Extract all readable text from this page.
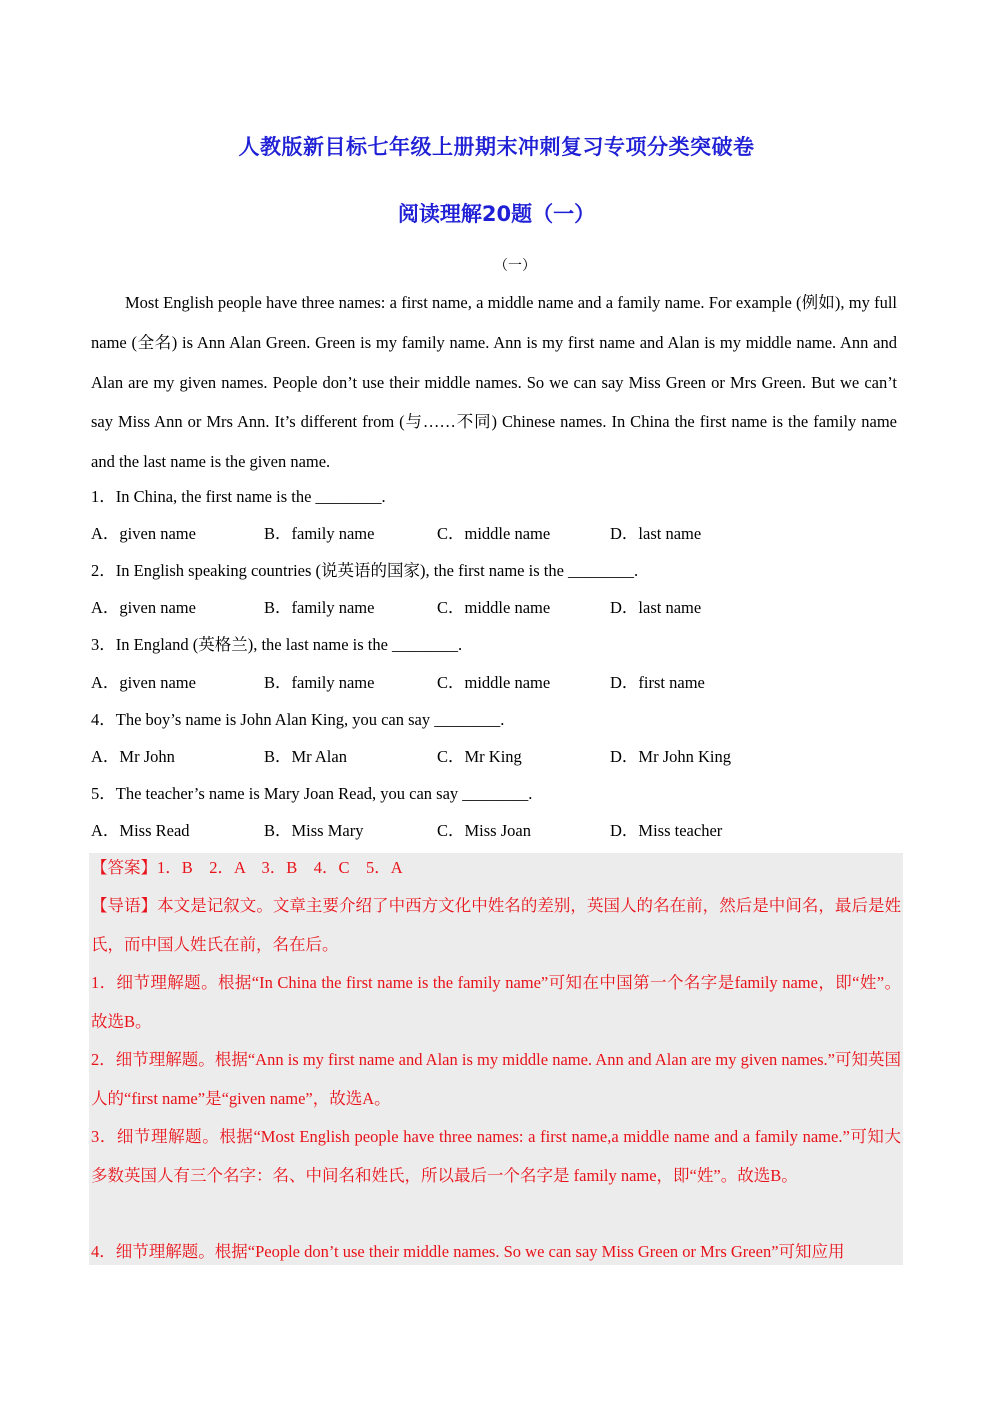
人教版新目标七年级上册期末冲刺复习专项分类突破卷
阅读理解20题（一）
（一）

Most English people have three names: a first name, a middle name and a family name. For example (例如), my full name (全名) is Ann Alan Green. Green is my family name. Ann is my first name and Alan is my middle name. Ann and Alan are my given names. People don’t use their middle names. So we can say Miss Green or Mrs Green. But we can’t say Miss Ann or Mrs Ann. It’s different from (与……不同) Chinese names. In China the first name is the family name and the last name is the given name.

1．In China, the first name is the ________.
A．given name	B．family name	C．middle name	D．last name
2．In English speaking countries (说英语的国家), the first name is the ________.
A．given name	B．family name	C．middle name	D．last name
3．In England (英格兰), the last name is the ________.
A．given name	B．family name	C．middle name	D．first name
4．The boy’s name is John Alan King, you can say ________.
A．Mr John	B．Mr Alan	C．Mr King	D．Mr John King
5．The teacher’s name is Mary Joan Read, you can say ________.
A．Miss Read	B．Miss Mary	C．Miss Joan	D．Miss teacher
【答案】1．B　2．A　3．B　4．C　5．A

【导语】本文是记叙文。文章主要介绍了中西方文化中姓名的差别，英国人的名在前，然后是中间名，最后是姓氏，而中国人姓氏在前，名在后。

1．细节理解题。根据“In China the first name is the family name”可知在中国第一个名字是family name，即“姓”。故选B。

2．细节理解题。根据“Ann is my first name and Alan is my middle name. Ann and Alan are my given names.”可知英国人的“first name”是“given name”，故选A。

3．细节理解题。根据“Most English people have three names: a first name,a middle name and a family name.”可知大多数英国人有三个名字：名、中间名和姓氏，所以最后一个名字是 family name，即“姓”。故选B。

4．细节理解题。根据“People don’t use their middle names. So we can say Miss Green or Mrs Green”可知应用
